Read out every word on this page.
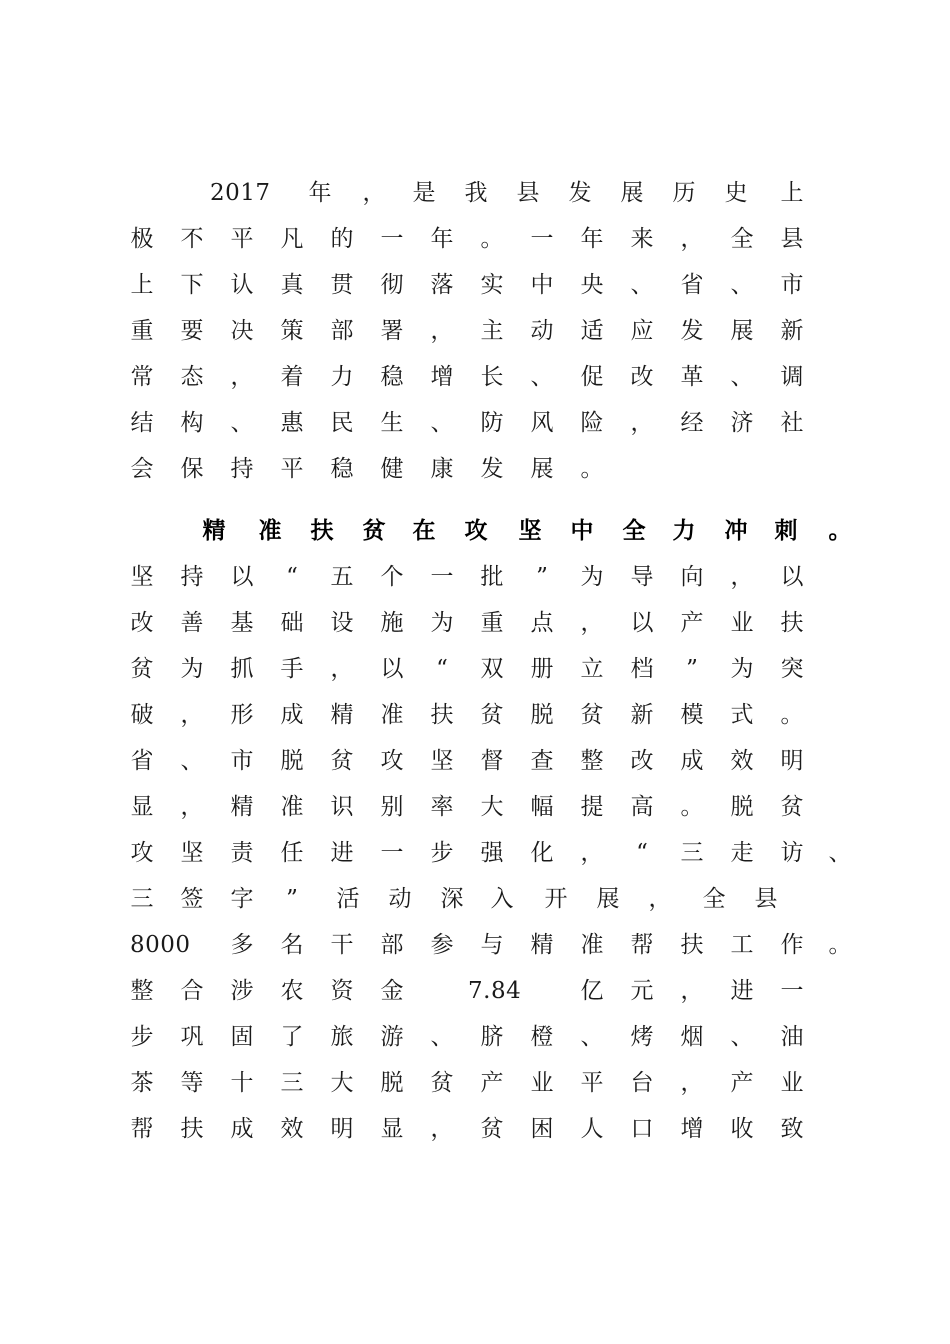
2017 年 ， 是 我 县 发 展 历 史 上
极 不 平 凡 的 一 年 。 一 年 来 ， 全 县
上 下 认 真 贯 彻 落 实 中 央 、 省 、 市
重 要 决 策 部 署 ， 主 动 适 应 发 展 新
常 态 ， 着 力 稳 增 长 、 促 改 革 、 调
结 构 、 惠 民 生 、 防 风 险 ， 经 济 社
会 保 持 平 稳 健 康 发 展 。
精 准 扶 贫 在 攻 坚 中 全 力 冲 刺 。
坚 持 以	“	五 个 一 批	”	为 导 向 ， 以
改 善 基 础 设 施 为 重 点 ， 以 产 业 扶
贫 为 抓 手 ， 以	“	双 册 立 档	”	为 突
破 ， 形 成 精 准 扶 贫 脱 贫 新 模 式 。
省 、 市 脱 贫 攻 坚 督 查 整 改 成 效 明
显 ， 精 准 识 别 率 大 幅 提 高 。 脱 贫
攻 坚 责 任 进 一 步 强 化 ，	“	三 走 访 、
三 签 字	”	活 动 深 入 开 展 ， 全 县
8000 多 名 干 部 参 与 精 准 帮 扶 工 作 。
整 合 涉 农 资 金	7.84	亿 元 ， 进 一
步 巩 固 了 旅 游 、 脐 橙 、 烤 烟 、 油
茶 等 十 三 大 脱 贫 产 业 平 台 ， 产 业
帮 扶 成 效 明 显 ， 贫 困 人 口 增 收 致
